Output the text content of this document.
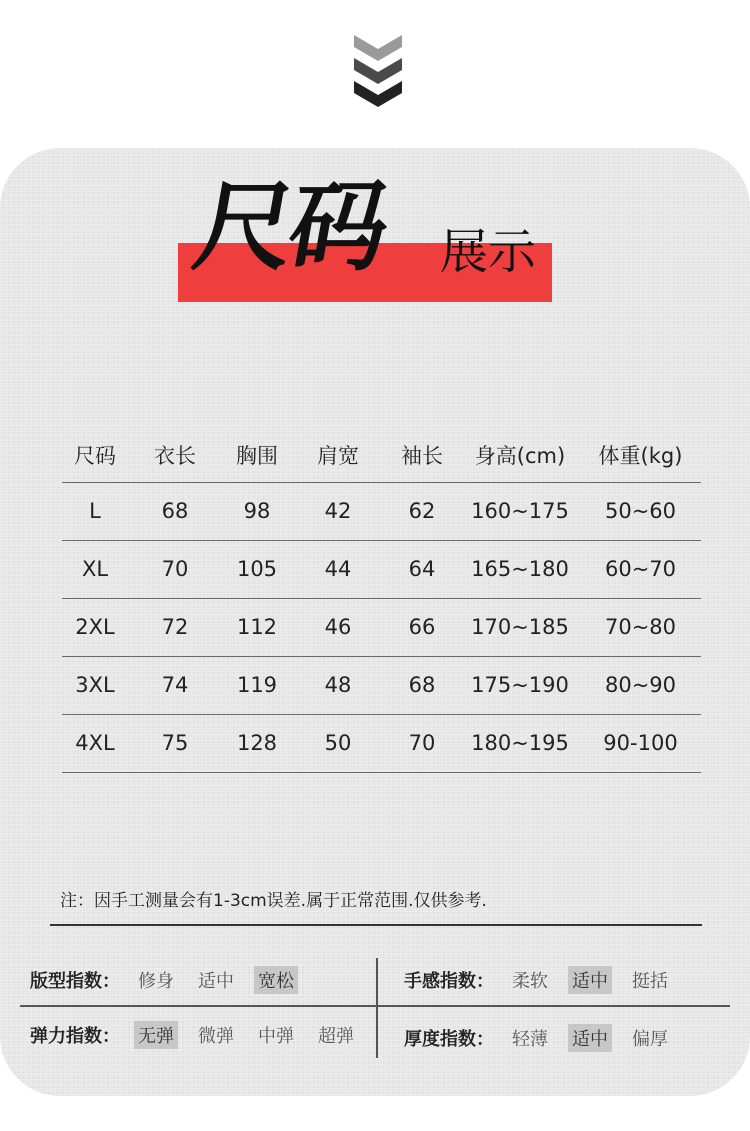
尺码 展示
尺码	衣长	胸围	肩宽	袖长	身高(cm)	体重(kg)
L	68	98	42	62	160~175	50~60
XL	70	105	44	64	165~180	60~70
2XL	72	112	46	66	170~185	70~80
3XL	74	119	48	68	175~190	80~90
4XL	75	128	50	70	180~195	90-100
注：因手工测量会有1-3cm误差.属于正常范围.仅供参考.
版型指数： 修身 适中 宽松	手感指数： 柔软 适中 挺括
弹力指数： 无弹 微弹 中弹 超弹	厚度指数： 轻薄 适中 偏厚
